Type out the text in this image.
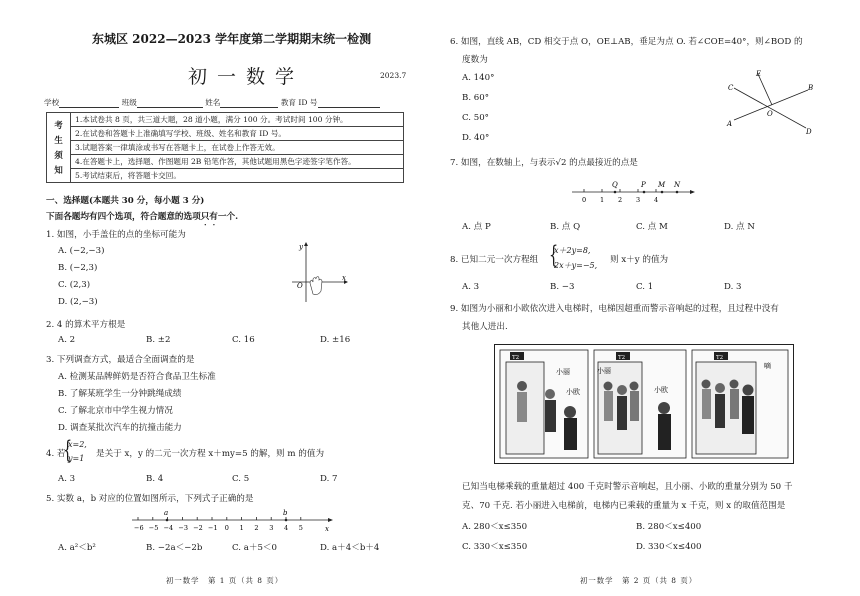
东城区 2022—2023 学年度第二学期期末统一检测
初一数学	2023.7
学校	班级	姓名	教育 ID 号
考生须知	1.本试卷共 8 页，共三道大题，28 道小题，满分 100 分。考试时间 100 分钟。
2.在试卷和答题卡上准确填写学校、班级、姓名和教育 ID 号。
3.试题答案一律填涂或书写在答题卡上，在试卷上作答无效。
4.在答题卡上，选择题、作图题用 2B 铅笔作答，其他试题用黑色字迹签字笔作答。
5.考试结束后，将答题卡交回。
一、选择题(本题共 30 分，每小题 3 分)
下面各题均有四个选项，符合题意的选项只有一个.
1. 如图，小手盖住的点的坐标可能为
A. (−2,−3)
B. (−2,3)
C. (2,3)
D. (2,−3)
y
x
O
2. 4 的算术平方根是
A. 2	B. ±2	C. 16	D. ±16
3. 下列调查方式，最适合全面调查的是
A. 检测某品牌鲜奶是否符合食品卫生标准
B. 了解某班学生一分钟跳绳成绩
C. 了解北京市中学生视力情况
D. 调查某批次汽车的抗撞击能力
4. 若
{
x=2,
y=1 是关于 x，y 的二元一次方程 x＋my=5 的解，则 m 的值为
A. 3	B. 4	C. 5	D. 7
5. 实数 a，b 对应的位置如图所示，下列式子正确的是
−6 −5 −4 −3 −2 −1 0 1 2 3 4 5
a	b
x
A. a²＜b²	B. −2a＜−2b	C. a＋5＜0	D. a＋4＜b＋4
初一数学　第 1 页（共 8 页）
6. 如图，直线 AB，CD 相交于点 O，OE⊥AB，垂足为点 O. 若∠COE=40°，则∠BOD 的
度数为
A. 140°
B. 60°
C. 50°
D. 40°
E
C	B
O
A
D
7. 如图，在数轴上，与表示√2 的点最接近的点是
0 1 2 3 4
Q	P M N
A. 点 P	B. 点 Q	C. 点 M	D. 点 N
8. 已知二元一次方程组 {
x＋2y=8,
2x＋y=−5,
则 x＋y 的值为
A. 3	B. −3	C. 1	D. 3
9. 如图为小丽和小欧依次进入电梯时，电梯因超重而警示音响起的过程，且过程中没有
其他人进出.
T2
小丽
小欧
T2
小丽
小欧
T2
嘀
已知当电梯乘载的重量超过 400 千克时警示音响起，且小丽、小欧的重量分别为 50 千
克、70 千克. 若小丽进入电梯前，电梯内已乘载的重量为 x 千克，则 x 的取值范围是
A. 280＜x≤350	B. 280＜x≤400
C. 330＜x≤350	D. 330＜x≤400
初一数学　第 2 页（共 8 页）
